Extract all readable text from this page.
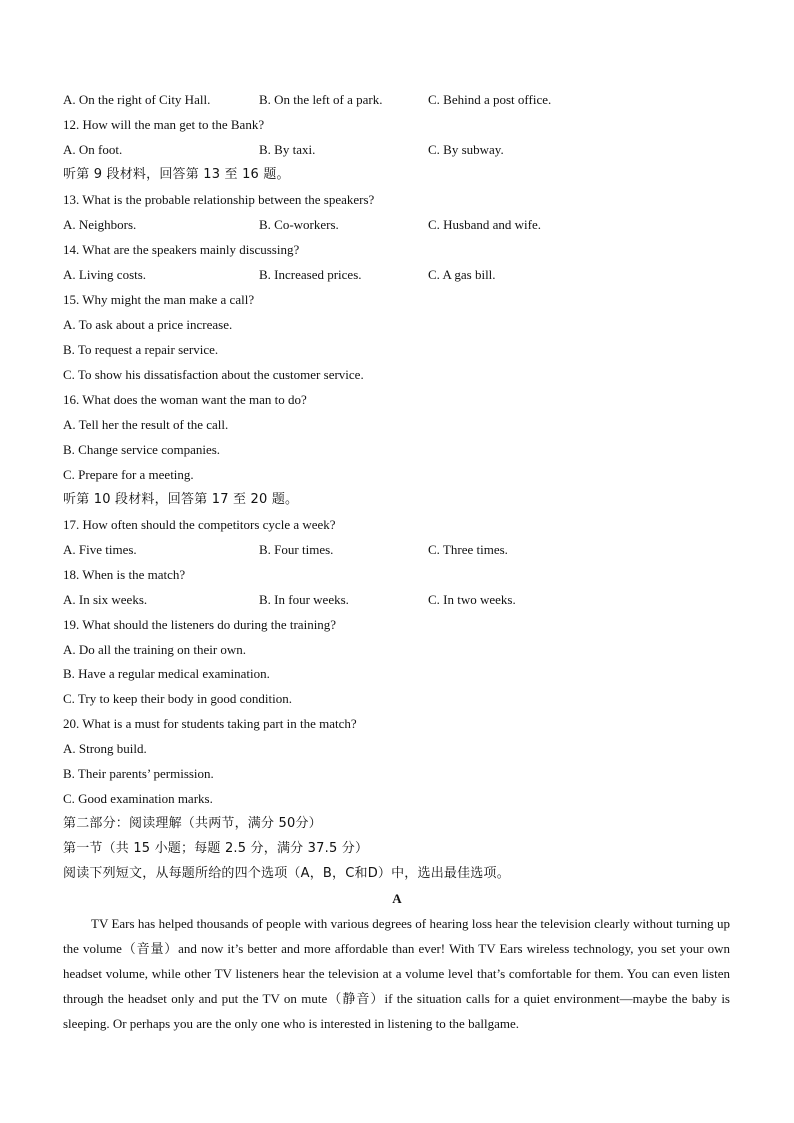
A. On the right of City Hall.	B. On the left of a park.	C. Behind a post office.
12. How will the man get to the Bank?
A. On foot.	B. By taxi.	C. By subway.
听第 9 段材料，回答第 13 至 16 题。
13. What is the probable relationship between the speakers?
A. Neighbors.	B. Co-workers.	C. Husband and wife.
14. What are the speakers mainly discussing?
A. Living costs.	B. Increased prices.	C. A gas bill.
15. Why might the man make a call?
A. To ask about a price increase.
B. To request a repair service.
C. To show his dissatisfaction about the customer service.
16. What does the woman want the man to do?
A. Tell her the result of the call.
B. Change service companies.
C. Prepare for a meeting.
听第 10 段材料，回答第 17 至 20 题。
17. How often should the competitors cycle a week?
A. Five times.	B. Four times.	C. Three times.
18. When is the match?
A. In six weeks.	B. In four weeks.	C. In two weeks.
19. What should the listeners do during the training?
A. Do all the training on their own.
B. Have a regular medical examination.
C. Try to keep their body in good condition.
20. What is a must for students taking part in the match?
A. Strong build.
B. Their parents’ permission.
C. Good examination marks.
第二部分：阅读理解（共两节，满分 50分）
第一节（共 15 小题；每题 2.5 分，满分 37.5 分）
阅读下列短文，从每题所给的四个选项（A，B，C和D）中，选出最佳选项。
A

TV Ears has helped thousands of people with various degrees of hearing loss hear the television clearly without turning up the volume（音量）and now it’s better and more affordable than ever! With TV Ears wireless technology, you set your own headset volume, while other TV listeners hear the television at a volume level that’s comfortable for them. You can even listen through the headset only and put the TV on mute（静音）if the situation calls for a quiet environment—maybe the baby is sleeping. Or perhaps you are the only one who is interested in listening to the ballgame.
